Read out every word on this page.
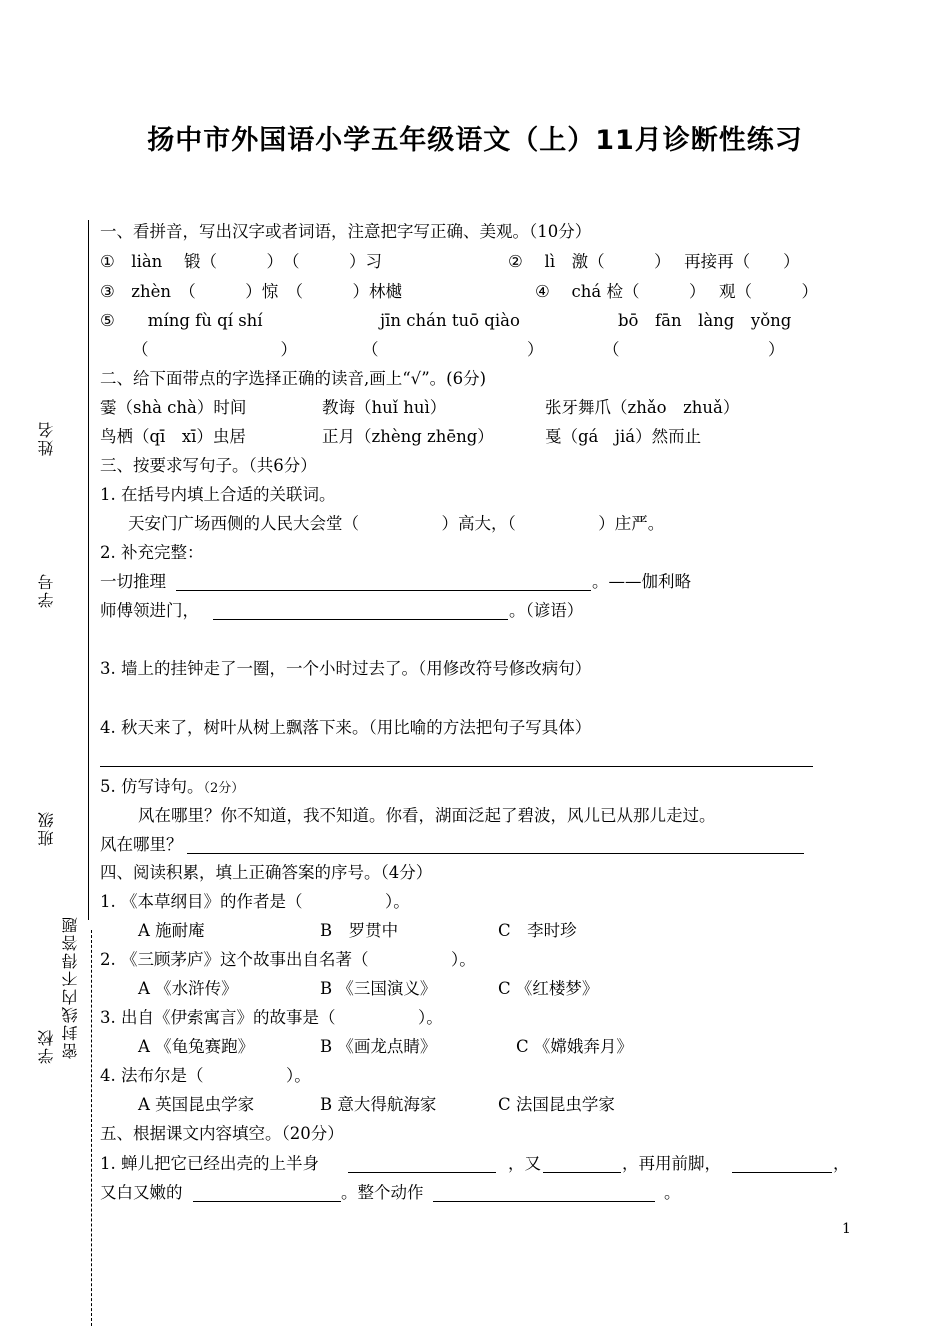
扬中市外国语小学五年级语文（上）11月诊断性练习
姓名
学号
班级
学校 密封线内不得答题
一、看拼音，写出汉字或者词语，注意把字写正确、美观。（10分）
①　liàn　 锻（　　　）　（　　　）习	②　 lì　激（　　　）　 再接再（　　）
③　zhèn　（　　　）惊　（　　　）林樾	④　 chá 检（　　　）　 观（　　　）
⑤　　míng fù qí shí	jīn chán tuō qiào	bō　fān　làng　yǒng
（　　　　　　　　）	（　　　　　　　　　）	（　　　　　　　　　）
二、给下面带点的字选择正确的读音,画上“√”。(6分)
霎（shà chà）时间	教诲（huǐ huì）	张牙舞爪（zhǎo　zhuǎ）
鸟栖（qī　xī）虫居	正月（zhèng zhēng）	戛（gá　jiá）然而止
三、按要求写句子。（共6分）
1. 在括号内填上合适的关联词。
天安门广场西侧的人民大会堂（　　　　　）高大，（　　　　　）庄严。
2. 补充完整：
一切推理	。——伽利略
师傅领进门，	。（谚语）
3. 墙上的挂钟走了一圈，一个小时过去了。（用修改符号修改病句）
4. 秋天来了，树叶从树上飘落下来。（用比喻的方法把句子写具体）
5. 仿写诗句。（2分）
风在哪里？你不知道，我不知道。你看，湖面泛起了碧波，风儿已从那儿走过。
风在哪里？
四、阅读积累，填上正确答案的序号。（4分）
1. 《本草纲目》的作者是（　　　　　）。
A 施耐庵	B　罗贯中	C　李时珍
2. 《三顾茅庐》这个故事出自名著（　　　　　）。
A 《水浒传》	B 《三国演义》	C 《红楼梦》
3. 出自《伊索寓言》的故事是（　　　　　）。
A 《龟兔赛跑》	B 《画龙点睛》	C 《嫦娥奔月》
4. 法布尔是（　　　　　）。
A 英国昆虫学家	B 意大得航海家	C 法国昆虫学家
五、根据课文内容填空。（20分）
1. 蝉儿把它已经出壳的上半身	，又	，再用前脚，	，
又白又嫩的	。整个动作	。
1
